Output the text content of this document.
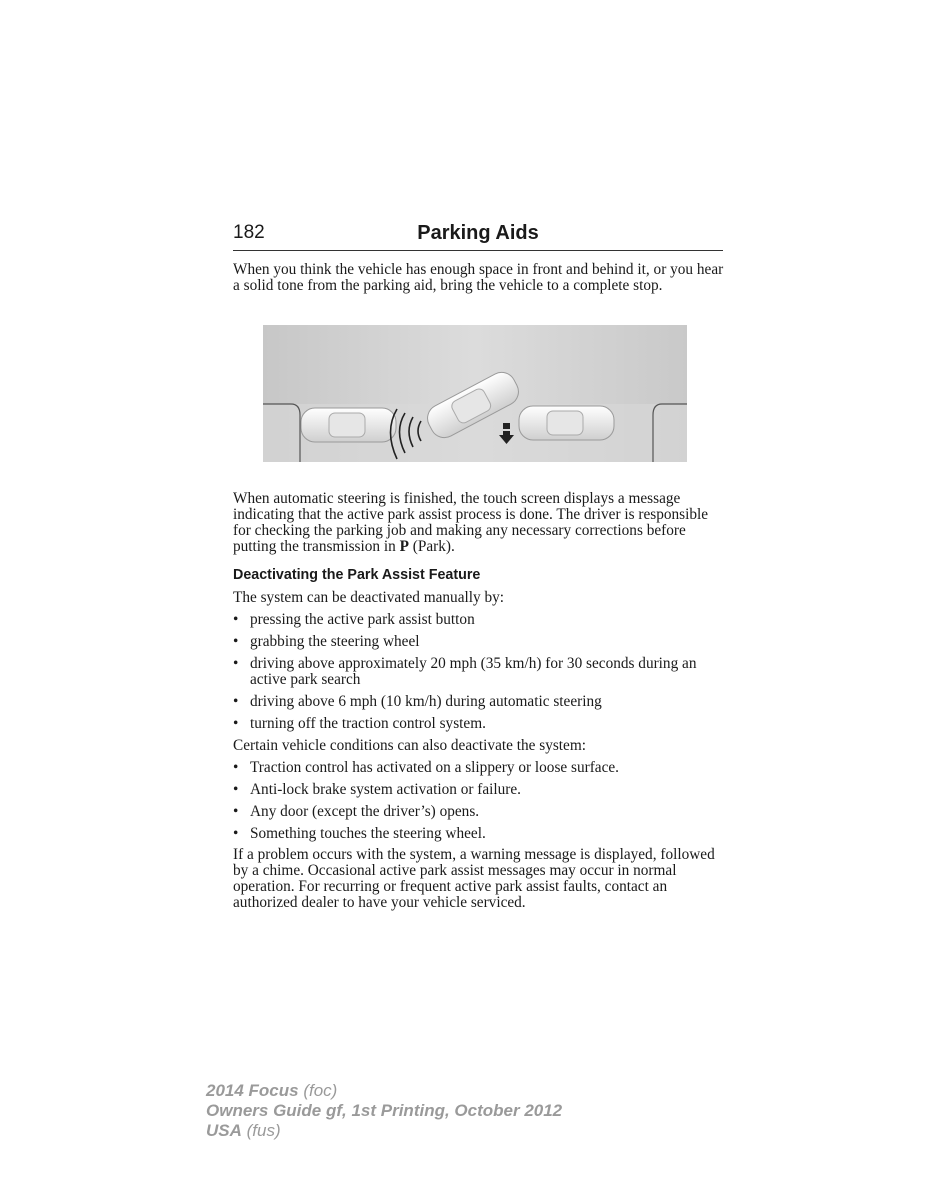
182	Parking Aids

When you think the vehicle has enough space in front and behind it, or you hear a solid tone from the parking aid, bring the vehicle to a complete stop.

When automatic steering is finished, the touch screen displays a message indicating that the active park assist process is done. The driver is responsible for checking the parking job and making any necessary corrections before putting the transmission in P (Park).

Deactivating the Park Assist Feature

The system can be deactivated manually by:

• pressing the active park assist button
• grabbing the steering wheel
• driving above approximately 20 mph (35 km/h) for 30 seconds during an active park search
• driving above 6 mph (10 km/h) during automatic steering
• turning off the traction control system.

Certain vehicle conditions can also deactivate the system:

• Traction control has activated on a slippery or loose surface.
• Anti-lock brake system activation or failure.
• Any door (except the driver’s) opens.
• Something touches the steering wheel.

If a problem occurs with the system, a warning message is displayed, followed by a chime. Occasional active park assist messages may occur in normal operation. For recurring or frequent active park assist faults, contact an authorized dealer to have your vehicle serviced.

2014 Focus (foc)
Owners Guide gf, 1st Printing, October 2012
USA (fus)
